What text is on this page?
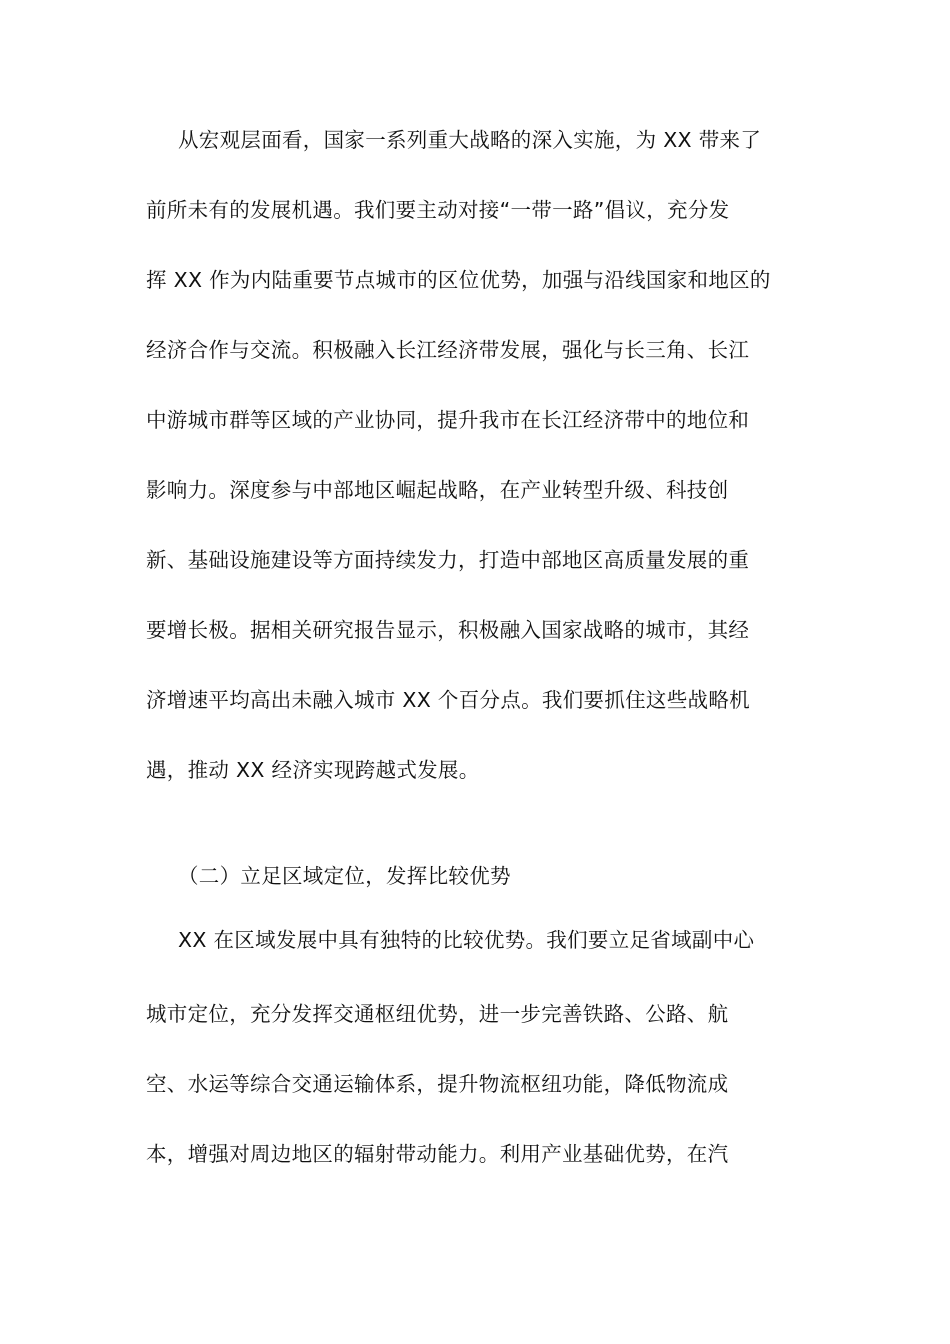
从宏观层面看，国家一系列重大战略的深入实施，为 XX 带来了
前所未有的发展机遇。我们要主动对接“一带一路”倡议，充分发
挥 XX 作为内陆重要节点城市的区位优势，加强与沿线国家和地区的
经济合作与交流。积极融入长江经济带发展，强化与长三角、长江
中游城市群等区域的产业协同，提升我市在长江经济带中的地位和
影响力。深度参与中部地区崛起战略，在产业转型升级、科技创
新、基础设施建设等方面持续发力，打造中部地区高质量发展的重
要增长极。据相关研究报告显示，积极融入国家战略的城市，其经
济增速平均高出未融入城市 XX 个百分点。我们要抓住这些战略机
遇，推动 XX 经济实现跨越式发展。
（二）立足区域定位，发挥比较优势
XX 在区域发展中具有独特的比较优势。我们要立足省域副中心
城市定位，充分发挥交通枢纽优势，进一步完善铁路、公路、航
空、水运等综合交通运输体系，提升物流枢纽功能，降低物流成
本，增强对周边地区的辐射带动能力。利用产业基础优势，在汽
